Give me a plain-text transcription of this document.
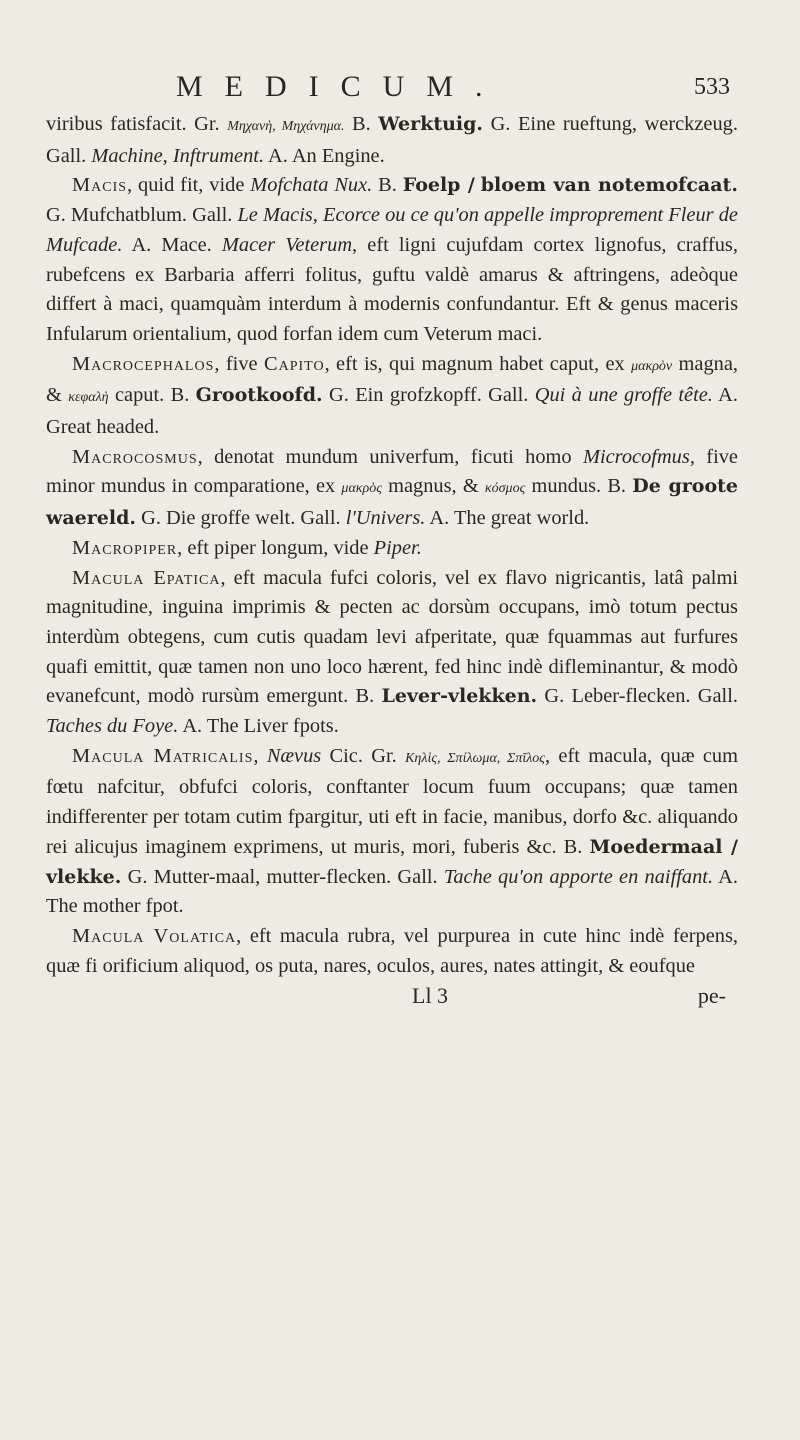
MEDICUM.	533

viribus fatisfacit. Gr. Μηχανὴ, Μηχάνημα. B. Werktuig. G. Eine rueftung, werckzeug. Gall. Machine, Inftrument. A. An Engine.

Macis, quid fit, vide Mofchata Nux. B. Foelp / bloem van notemofcaat. G. Mufchatblum. Gall. Le Macis, Ecorce ou ce qu'on appelle improprement Fleur de Mufcade. A. Mace. Macer Veterum, eft ligni cujufdam cortex lignofus, craffus, rubefcens ex Barbaria afferri folitus, guftu valdè amarus & aftringens, adeòque differt à maci, quamquàm interdum à modernis confundantur. Eft & genus maceris Infularum orientalium, quod forfan idem cum Veterum maci.

Macrocephalos, five Capito, eft is, qui magnum habet caput, ex μακρὸν magna, & κεφαλὴ caput. B. Grootkoofd. G. Ein grofzkopff. Gall. Qui à une groffe tête. A. Great headed.

Macrocosmus, denotat mundum univerfum, ficuti homo Microcofmus, five minor mundus in comparatione, ex μακρὸς magnus, & κόσμος mundus. B. De groote waereld. G. Die groffe welt. Gall. l'Univers. A. The great world.

Macropiper, eft piper longum, vide Piper.

Macula Epatica, eft macula fufci coloris, vel ex flavo nigricantis, latâ palmi magnitudine, inguina imprimis & pecten ac dorsùm occupans, imò totum pectus interdùm obtegens, cum cutis quadam levi afperitate, quæ fquammas aut furfures quafi emittit, quæ tamen non uno loco hærent, fed hinc indè difleminantur, & modò evanefcunt, modò rursùm emergunt. B. Lever-vlekken. G. Leber-flecken. Gall. Taches du Foye. A. The Liver fpots.

Macula Matricalis, Nævus Cic. Gr. Κηλὶς, Σπίλωμα, Σπῖλος, eft macula, quæ cum fœtu nafcitur, obfufci coloris, conftanter locum fuum occupans; quæ tamen indifferenter per totam cutim fpargitur, uti eft in facie, manibus, dorfo &c. aliquando rei alicujus imaginem exprimens, ut muris, mori, fuberis &c. B. Moedermaal / vlekke. G. Mutter-maal, mutter-flecken. Gall. Tache qu'on apporte en naiffant. A. The mother fpot.

Macula Volatica, eft macula rubra, vel purpurea in cute hinc indè ferpens, quæ fi orificium aliquod, os puta, nares, oculos, aures, nates attingit, & eoufque

Ll 3	pe-
